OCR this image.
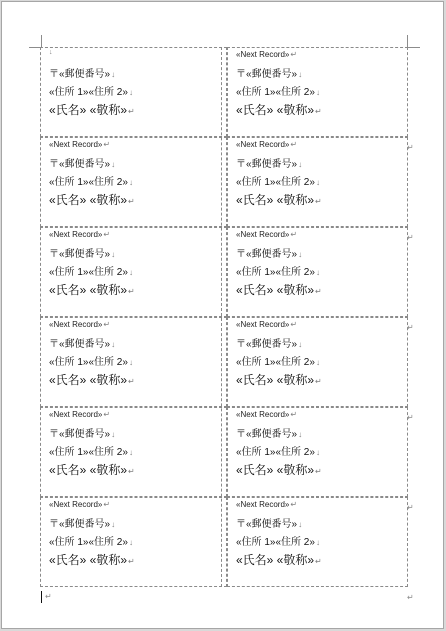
↓
〒«郵便番号»↓
«住所 1»«住所 2»↓
«氏名» «敬称»↵
«Next Record»↵
〒«郵便番号»↓
«住所 1»«住所 2»↓
«氏名» «敬称»↵
«Next Record»↵
〒«郵便番号»↓
«住所 1»«住所 2»↓
«氏名» «敬称»↵
«Next Record»↵
〒«郵便番号»↓
«住所 1»«住所 2»↓
«氏名» «敬称»↵
«Next Record»↵
〒«郵便番号»↓
«住所 1»«住所 2»↓
«氏名» «敬称»↵
«Next Record»↵
〒«郵便番号»↓
«住所 1»«住所 2»↓
«氏名» «敬称»↵
«Next Record»↵
〒«郵便番号»↓
«住所 1»«住所 2»↓
«氏名» «敬称»↵
«Next Record»↵
〒«郵便番号»↓
«住所 1»«住所 2»↓
«氏名» «敬称»↵
«Next Record»↵
〒«郵便番号»↓
«住所 1»«住所 2»↓
«氏名» «敬称»↵
«Next Record»↵
〒«郵便番号»↓
«住所 1»«住所 2»↓
«氏名» «敬称»↵
«Next Record»↵
〒«郵便番号»↓
«住所 1»«住所 2»↓
«氏名» «敬称»↵
«Next Record»↵
〒«郵便番号»↓
«住所 1»«住所 2»↓
«氏名» «敬称»↵
↵
↵
↵
↵
↵
↵
↵
